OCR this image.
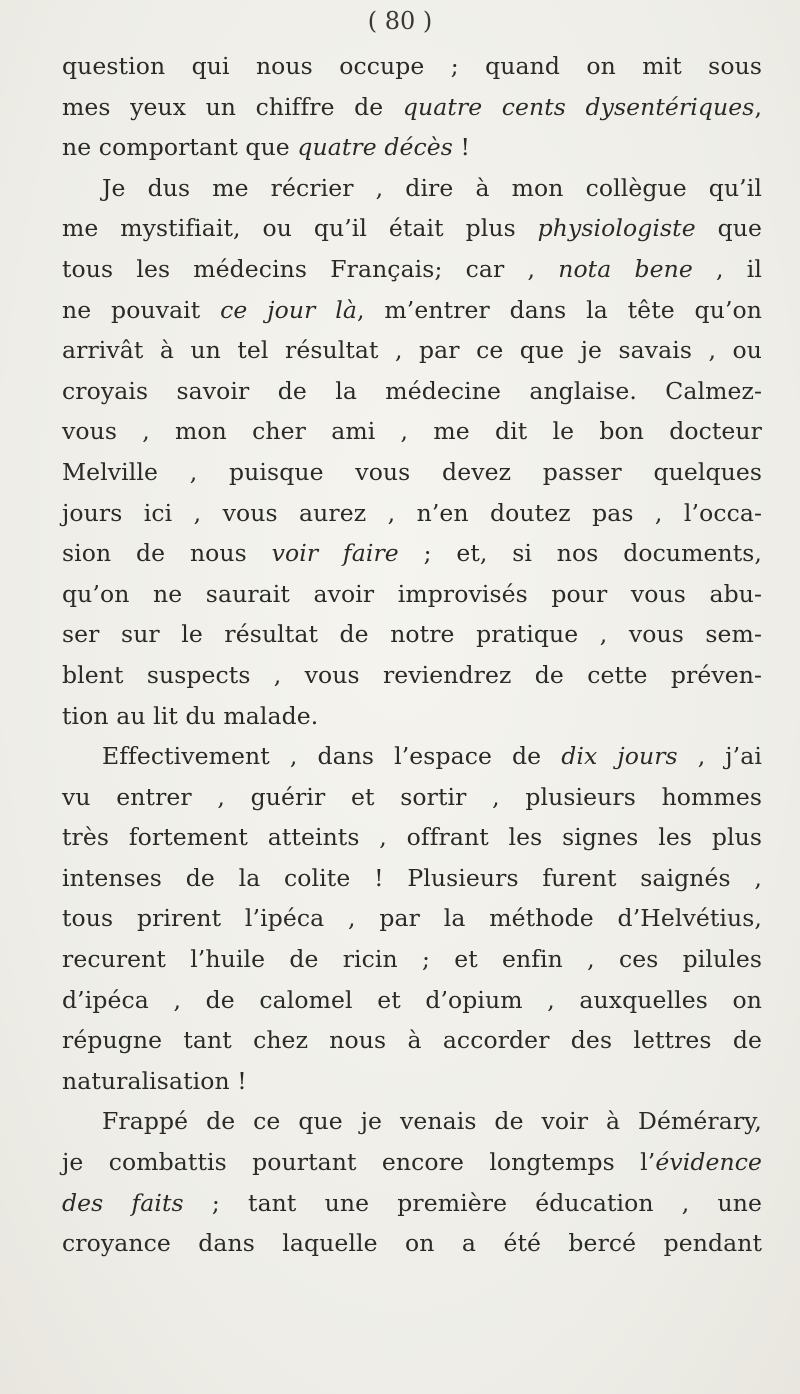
( 80 )
question qui nous occupe ; quand on mit sous
mes yeux un chiffre de quatre cents dysentériques,
ne comportant que quatre décès !
Je dus me récrier , dire à mon collègue qu’il
me mystifiait, ou qu’il était plus physiologiste que
tous les médecins Français; car , nota bene , il
ne pouvait ce jour là, m’entrer dans la tête qu’on
arrivât à un tel résultat , par ce que je savais , ou
croyais savoir de la médecine anglaise. Calmez-
vous , mon cher ami , me dit le bon docteur
Melville , puisque vous devez passer quelques
jours ici , vous aurez , n’en doutez pas , l’occa-
sion de nous voir faire ; et, si nos documents,
qu’on ne saurait avoir improvisés pour vous abu-
ser sur le résultat de notre pratique , vous sem-
blent suspects , vous reviendrez de cette préven-
tion au lit du malade.
Effectivement , dans l’espace de dix jours , j’ai
vu entrer , guérir et sortir , plusieurs hommes
très fortement atteints , offrant les signes les plus
intenses de la colite ! Plusieurs furent saignés ,
tous prirent l’ipéca , par la méthode d’Helvétius,
recurent l’huile de ricin ; et enfin , ces pilules
d’ipéca , de calomel et d’opium , auxquelles on
répugne tant chez nous à accorder des lettres de
naturalisation !
Frappé de ce que je venais de voir à Démérary,
je combattis pourtant encore longtemps l’évidence
des faits ; tant une première éducation , une
croyance dans laquelle on a été bercé pendant
